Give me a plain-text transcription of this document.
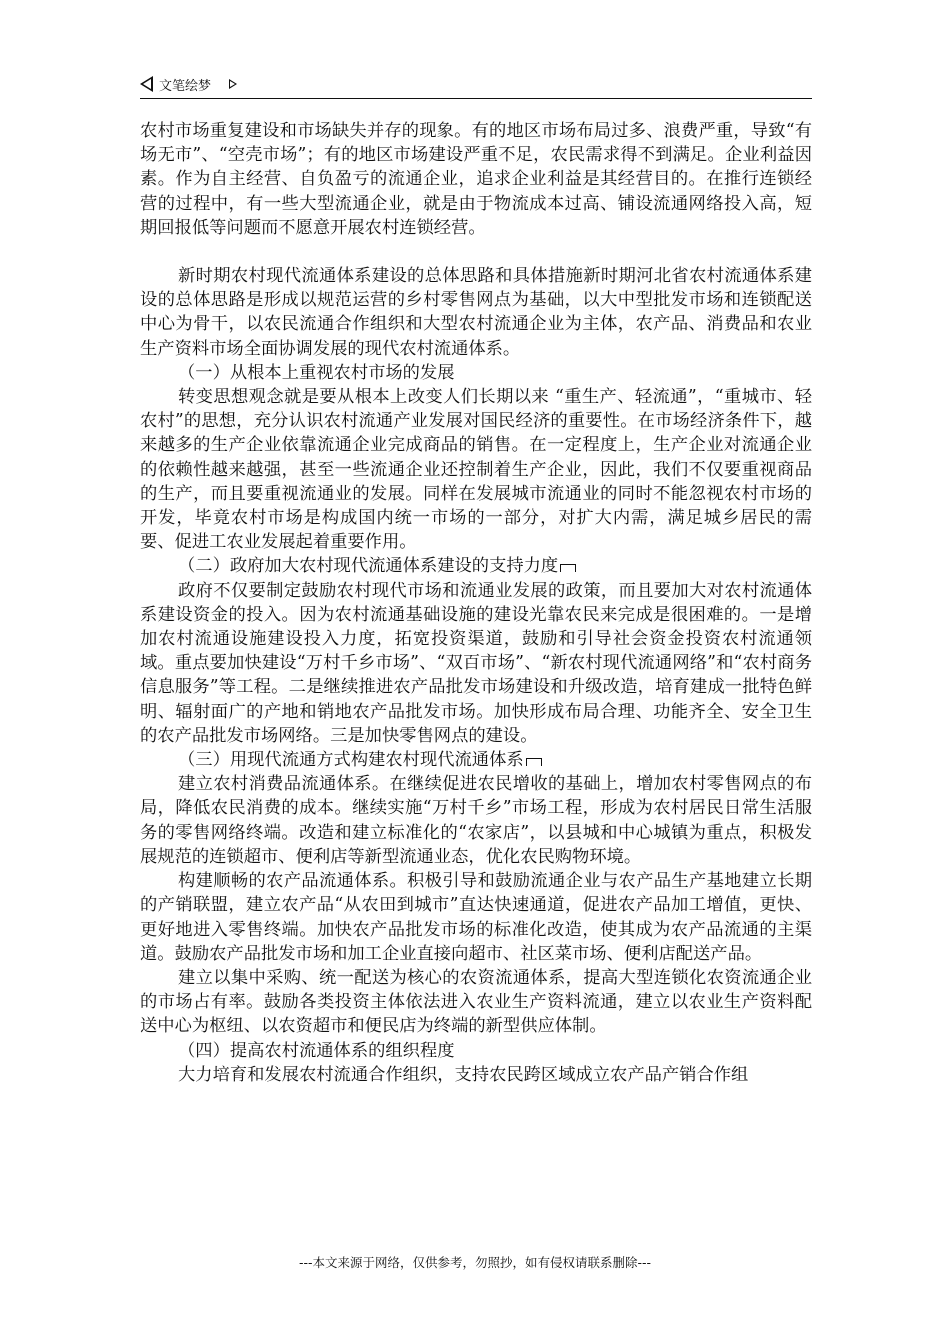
文笔绘梦

农村市场重复建设和市场缺失并存的现象。有的地区市场布局过多、浪费严重，导致“有场无市”、“空壳市场”；有的地区市场建设严重不足，农民需求得不到满足。企业利益因素。作为自主经营、自负盈亏的流通企业，追求企业利益是其经营目的。在推行连锁经营的过程中，有一些大型流通企业，就是由于物流成本过高、铺设流通网络投入高，短期回报低等问题而不愿意开展农村连锁经营。

新时期农村现代流通体系建设的总体思路和具体措施新时期河北省农村流通体系建设的总体思路是形成以规范运营的乡村零售网点为基础，以大中型批发市场和连锁配送中心为骨干，以农民流通合作组织和大型农村流通企业为主体，农产品、消费品和农业生产资料市场全面协调发展的现代农村流通体系。

（一）从根本上重视农村市场的发展

转变思想观念就是要从根本上改变人们长期以来 “重生产、轻流通”，“重城市、轻农村”的思想，充分认识农村流通产业发展对国民经济的重要性。在市场经济条件下，越来越多的生产企业依靠流通企业完成商品的销售。在一定程度上，生产企业对流通企业的依赖性越来越强，甚至一些流通企业还控制着生产企业，因此，我们不仅要重视商品的生产，而且要重视流通业的发展。同样在发展城市流通业的同时不能忽视农村市场的开发，毕竟农村市场是构成国内统一市场的一部分，对扩大内需，满足城乡居民的需要、促进工农业发展起着重要作用。

（二）政府加大农村现代流通体系建设的支持力度

政府不仅要制定鼓励农村现代市场和流通业发展的政策，而且要加大对农村流通体系建设资金的投入。因为农村流通基础设施的建设光靠农民来完成是很困难的。一是增加农村流通设施建设投入力度，拓宽投资渠道，鼓励和引导社会资金投资农村流通领域。重点要加快建设“万村千乡市场”、“双百市场”、“新农村现代流通网络”和“农村商务信息服务”等工程。二是继续推进农产品批发市场建设和升级改造，培育建成一批特色鲜明、辐射面广的产地和销地农产品批发市场。加快形成布局合理、功能齐全、安全卫生的农产品批发市场网络。三是加快零售网点的建设。

（三）用现代流通方式构建农村现代流通体系

建立农村消费品流通体系。在继续促进农民增收的基础上，增加农村零售网点的布局，降低农民消费的成本。继续实施“万村千乡”市场工程，形成为农村居民日常生活服务的零售网络终端。改造和建立标准化的“农家店”，以县城和中心城镇为重点，积极发展规范的连锁超市、便利店等新型流通业态，优化农民购物环境。

构建顺畅的农产品流通体系。积极引导和鼓励流通企业与农产品生产基地建立长期的产销联盟，建立农产品“从农田到城市”直达快速通道，促进农产品加工增值，更快、更好地进入零售终端。加快农产品批发市场的标准化改造，使其成为农产品流通的主渠道。鼓励农产品批发市场和加工企业直接向超市、社区菜市场、便利店配送产品。

建立以集中采购、统一配送为核心的农资流通体系，提高大型连锁化农资流通企业的市场占有率。鼓励各类投资主体依法进入农业生产资料流通，建立以农业生产资料配送中心为枢纽、以农资超市和便民店为终端的新型供应体制。

（四）提高农村流通体系的组织程度

大力培育和发展农村流通合作组织，支持农民跨区域成立农产品产销合作组

---本文来源于网络，仅供参考，勿照抄，如有侵权请联系删除---
